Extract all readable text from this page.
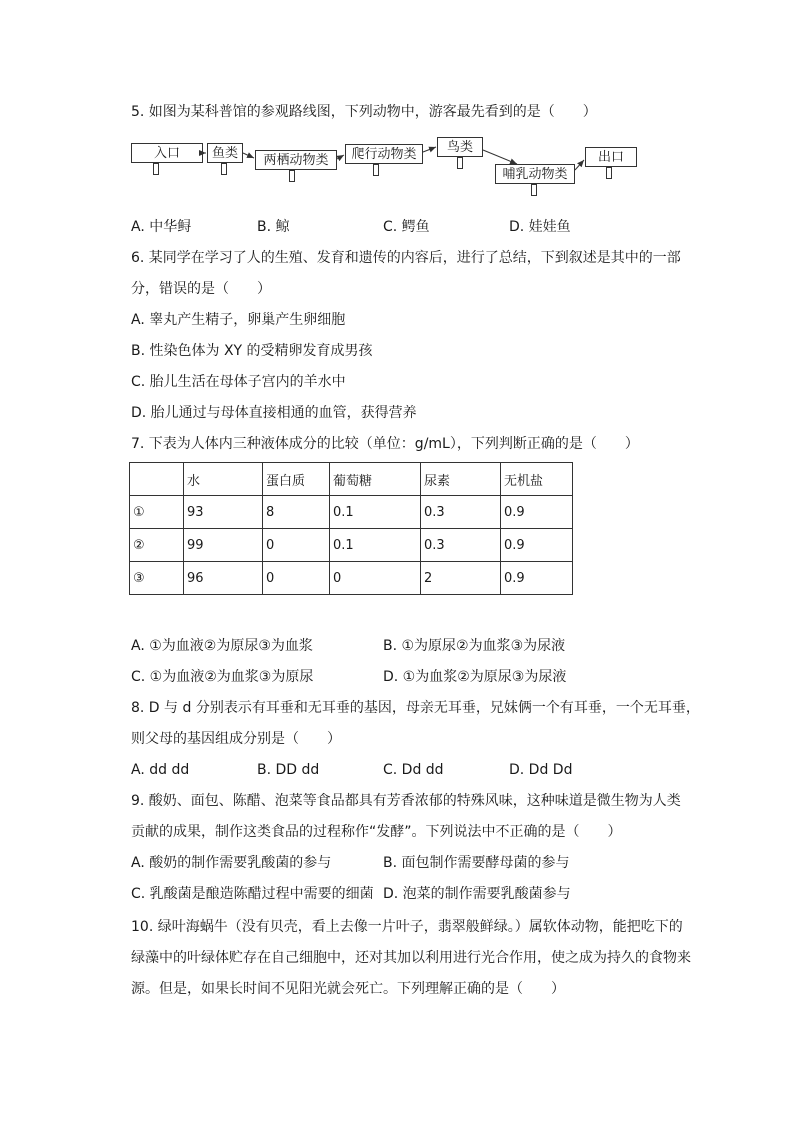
5. 如图为某科普馆的参观路线图，下列动物中，游客最先看到的是（　　）
入口	鱼类	两栖动物类	爬行动物类	鸟类
哺乳动物类
出口
A. 中华鲟	B. 鲸	C. 鳄鱼	D. 娃娃鱼
6. 某同学在学习了人的生殖、发育和遗传的内容后，进行了总结，下到叙述是其中的一部
分，错误的是（　　）
A. 睾丸产生精子，卵巢产生卵细胞
B. 性染色体为 XY 的受精卵发育成男孩
C. 胎儿生活在母体子宫内的羊水中
D. 胎儿通过与母体直接相通的血管，获得营养
7. 下表为人体内三种液体成分的比较（单位：g/mL），下列判断正确的是（　　）
	水	蛋白质	葡萄糖	尿素	无机盐
①	93	8	0.1	0.3	0.9
②	99	0	0.1	0.3	0.9
③	96	0	0	2	0.9
A. ①为血液②为原尿③为血浆	B. ①为原尿②为血浆③为尿液
C. ①为血液②为血浆③为原尿	D. ①为血浆②为原尿③为尿液
8. D 与 d 分别表示有耳垂和无耳垂的基因，母亲无耳垂，兄妹俩一个有耳垂，一个无耳垂，
则父母的基因组成分别是（　　）
A. dd dd	B. DD dd	C. Dd dd	D. Dd Dd
9. 酸奶、面包、陈醋、泡菜等食品都具有芳香浓郁的特殊风味，这种味道是微生物为人类
贡献的成果，制作这类食品的过程称作“发酵”。下列说法中不正确的是（　　）
A. 酸奶的制作需要乳酸菌的参与	B. 面包制作需要酵母菌的参与
C. 乳酸菌是酿造陈醋过程中需要的细菌 D. 泡菜的制作需要乳酸菌参与
10. 绿叶海蜗牛（没有贝壳，看上去像一片叶子，翡翠般鲜绿。）属软体动物，能把吃下的
绿藻中的叶绿体贮存在自己细胞中，还对其加以利用进行光合作用，使之成为持久的食物来
源。但是，如果长时间不见阳光就会死亡。下列理解正确的是（　　）
